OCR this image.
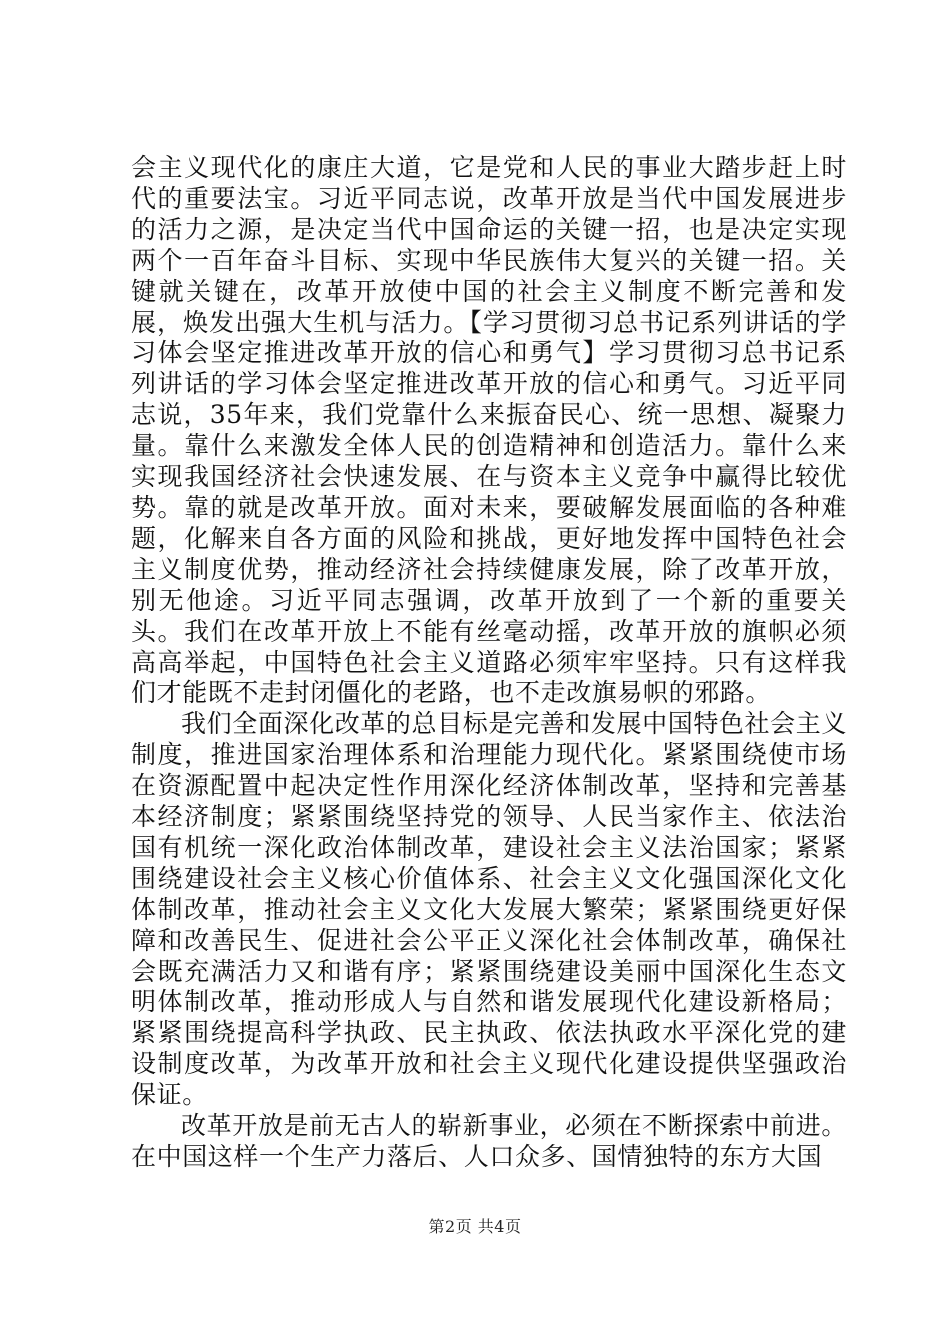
会主义现代化的康庄大道，它是党和人民的事业大踏步赶上时代的重要法宝。习近平同志说，改革开放是当代中国发展进步的活力之源，是决定当代中国命运的关键一招，也是决定实现两个一百年奋斗目标、实现中华民族伟大复兴的关键一招。关键就关键在，改革开放使中国的社会主义制度不断完善和发展，焕发出强大生机与活力。【学习贯彻习总书记系列讲话的学习体会坚定推进改革开放的信心和勇气】学习贯彻习总书记系列讲话的学习体会坚定推进改革开放的信心和勇气。习近平同志说，35年来，我们党靠什么来振奋民心、统一思想、凝聚力量。靠什么来激发全体人民的创造精神和创造活力。靠什么来实现我国经济社会快速发展、在与资本主义竞争中赢得比较优势。靠的就是改革开放。面对未来，要破解发展面临的各种难题，化解来自各方面的风险和挑战，更好地发挥中国特色社会主义制度优势，推动经济社会持续健康发展，除了改革开放，别无他途。习近平同志强调，改革开放到了一个新的重要关头。我们在改革开放上不能有丝毫动摇，改革开放的旗帜必须高高举起，中国特色社会主义道路必须牢牢坚持。只有这样我们才能既不走封闭僵化的老路，也不走改旗易帜的邪路。

我们全面深化改革的总目标是完善和发展中国特色社会主义制度，推进国家治理体系和治理能力现代化。紧紧围绕使市场在资源配置中起决定性作用深化经济体制改革，坚持和完善基本经济制度；紧紧围绕坚持党的领导、人民当家作主、依法治国有机统一深化政治体制改革，建设社会主义法治国家；紧紧围绕建设社会主义核心价值体系、社会主义文化强国深化文化体制改革，推动社会主义文化大发展大繁荣；紧紧围绕更好保障和改善民生、促进社会公平正义深化社会体制改革，确保社会既充满活力又和谐有序；紧紧围绕建设美丽中国深化生态文明体制改革，推动形成人与自然和谐发展现代化建设新格局；紧紧围绕提高科学执政、民主执政、依法执政水平深化党的建设制度改革，为改革开放和社会主义现代化建设提供坚强政治保证。

改革开放是前无古人的崭新事业，必须在不断探索中前进。在中国这样一个生产力落后、人口众多、国情独特的东方大国

第2页 共4页
